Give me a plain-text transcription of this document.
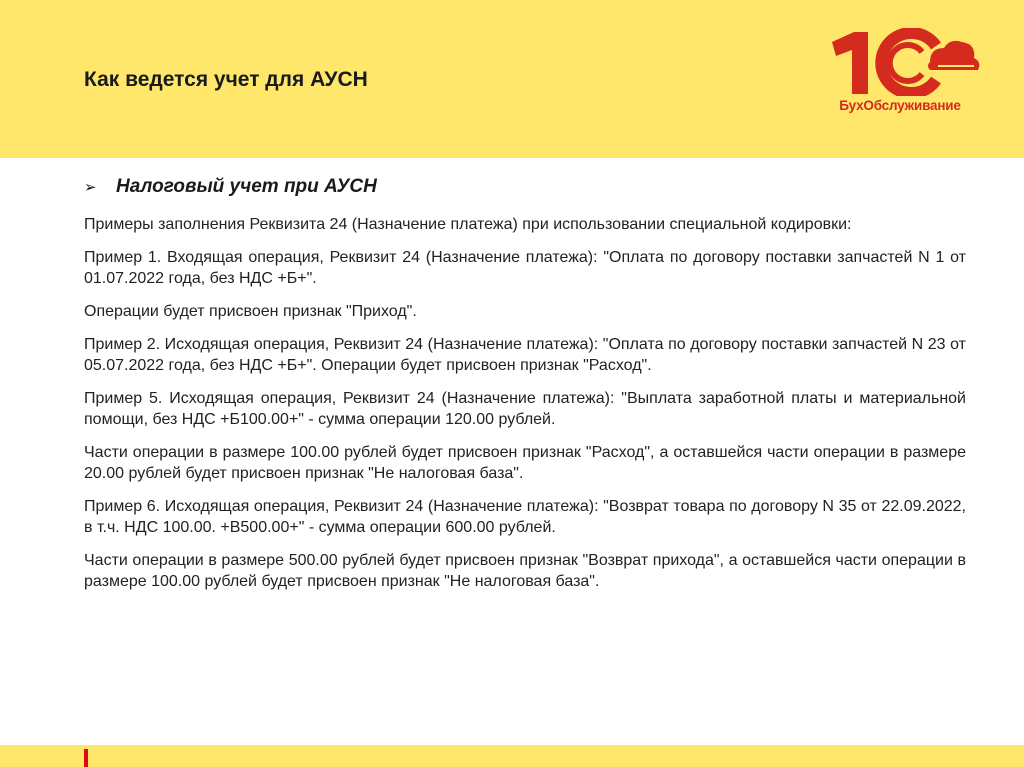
Как ведется учет для АУСН
БухОбслуживание
➢ Налоговый учет при АУСН

Примеры заполнения Реквизита 24 (Назначение платежа) при использовании специальной кодировки:

Пример 1. Входящая операция, Реквизит 24 (Назначение платежа): "Оплата по договору поставки запчастей N 1 от 01.07.2022 года, без НДС +Б+".

Операции будет присвоен признак "Приход".

Пример 2. Исходящая операция, Реквизит 24 (Назначение платежа): "Оплата по договору поставки запчастей N 23 от 05.07.2022 года, без НДС +Б+". Операции будет присвоен признак "Расход".

Пример 5. Исходящая операция, Реквизит 24 (Назначение платежа): "Выплата заработной платы и материальной помощи, без НДС +Б100.00+" - сумма операции 120.00 рублей.

Части операции в размере 100.00 рублей будет присвоен признак "Расход", а оставшейся части операции в размере 20.00 рублей будет присвоен признак "Не налоговая база".

Пример 6. Исходящая операция, Реквизит 24 (Назначение платежа): "Возврат товара по договору N 35 от 22.09.2022, в т.ч. НДС 100.00. +В500.00+" - сумма операции 600.00 рублей.

Части операции в размере 500.00 рублей будет присвоен признак "Возврат прихода", а оставшейся части операции в размере 100.00 рублей будет присвоен признак "Не налоговая база".
